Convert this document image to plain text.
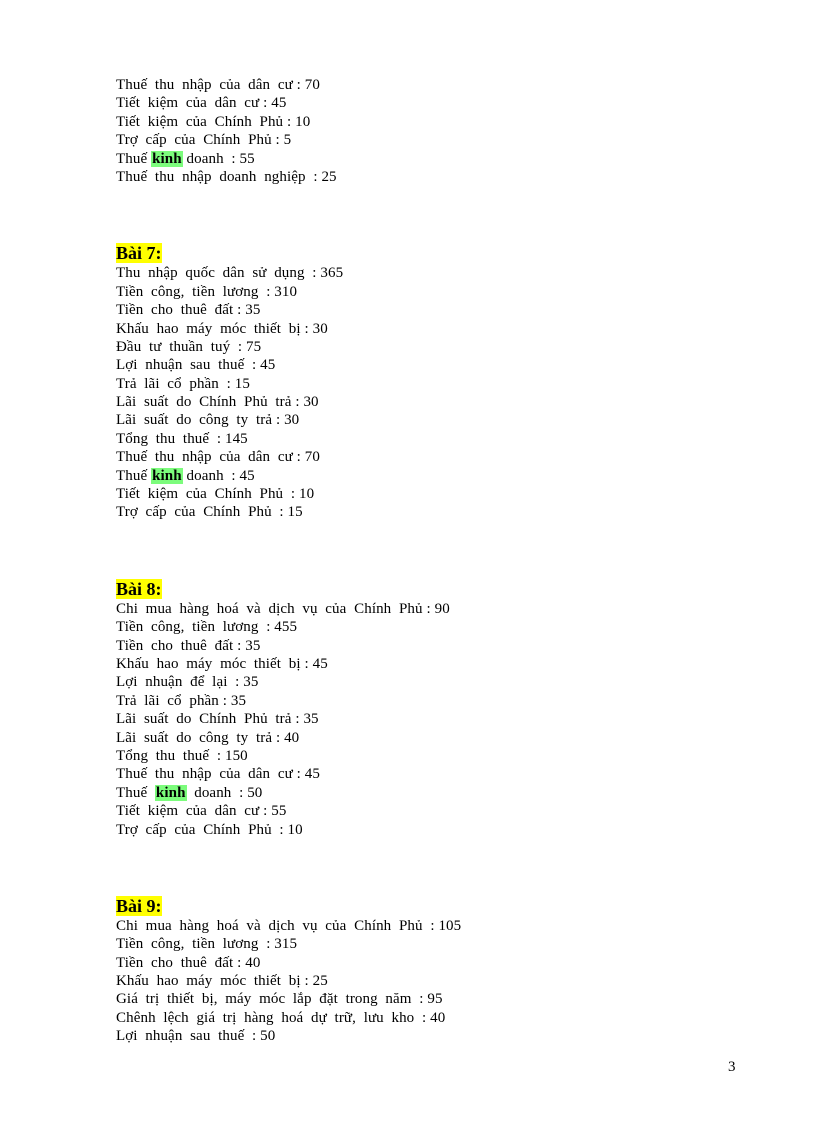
Thuế  thu  nhập  của  dân  cư : 70
Tiết  kiệm  của  dân  cư : 45
Tiết  kiệm  của  Chính  Phủ : 10
Trợ  cấp  của  Chính  Phủ : 5
Thuế kinh doanh  : 55
Thuế  thu  nhập  doanh  nghiệp  : 25
Bài 7:
Thu  nhập  quốc  dân  sử  dụng  : 365
Tiền  công,  tiền  lương  : 310
Tiền  cho  thuê  đất : 35
Khấu  hao  máy  móc  thiết  bị : 30
Đầu  tư  thuần  tuý  : 75
Lợi  nhuận  sau  thuế  : 45
Trả  lãi  cổ  phần  : 15
Lãi  suất  do  Chính  Phủ  trả : 30
Lãi  suất  do  công  ty  trả : 30
Tổng  thu  thuế  : 145
Thuế  thu  nhập  của  dân  cư : 70
Thuế kinh doanh  : 45
Tiết  kiệm  của  Chính  Phủ  : 10
Trợ  cấp  của  Chính  Phủ  : 15
Bài 8:
Chi  mua  hàng  hoá  và  dịch  vụ  của  Chính  Phủ : 90
Tiền  công,  tiền  lương  : 455
Tiền  cho  thuê  đất : 35
Khấu  hao  máy  móc  thiết  bị : 45
Lợi  nhuận  để  lại  : 35
Trả  lãi  cổ  phần : 35
Lãi  suất  do  Chính  Phủ  trả : 35
Lãi  suất  do  công  ty  trả : 40
Tổng  thu  thuế  : 150
Thuế  thu  nhập  của  dân  cư : 45
Thuế  kinh  doanh  : 50
Tiết  kiệm  của  dân  cư : 55
Trợ  cấp  của  Chính  Phủ  : 10
Bài 9:
Chi  mua  hàng  hoá  và  dịch  vụ  của  Chính  Phủ  : 105
Tiền  công,  tiền  lương  : 315
Tiền  cho  thuê  đất : 40
Khấu  hao  máy  móc  thiết  bị : 25
Giá  trị  thiết  bị,  máy  móc  lắp  đặt  trong  năm  : 95
Chênh  lệch  giá  trị  hàng  hoá  dự  trữ,  lưu  kho  : 40
Lợi  nhuận  sau  thuế  : 50
3
